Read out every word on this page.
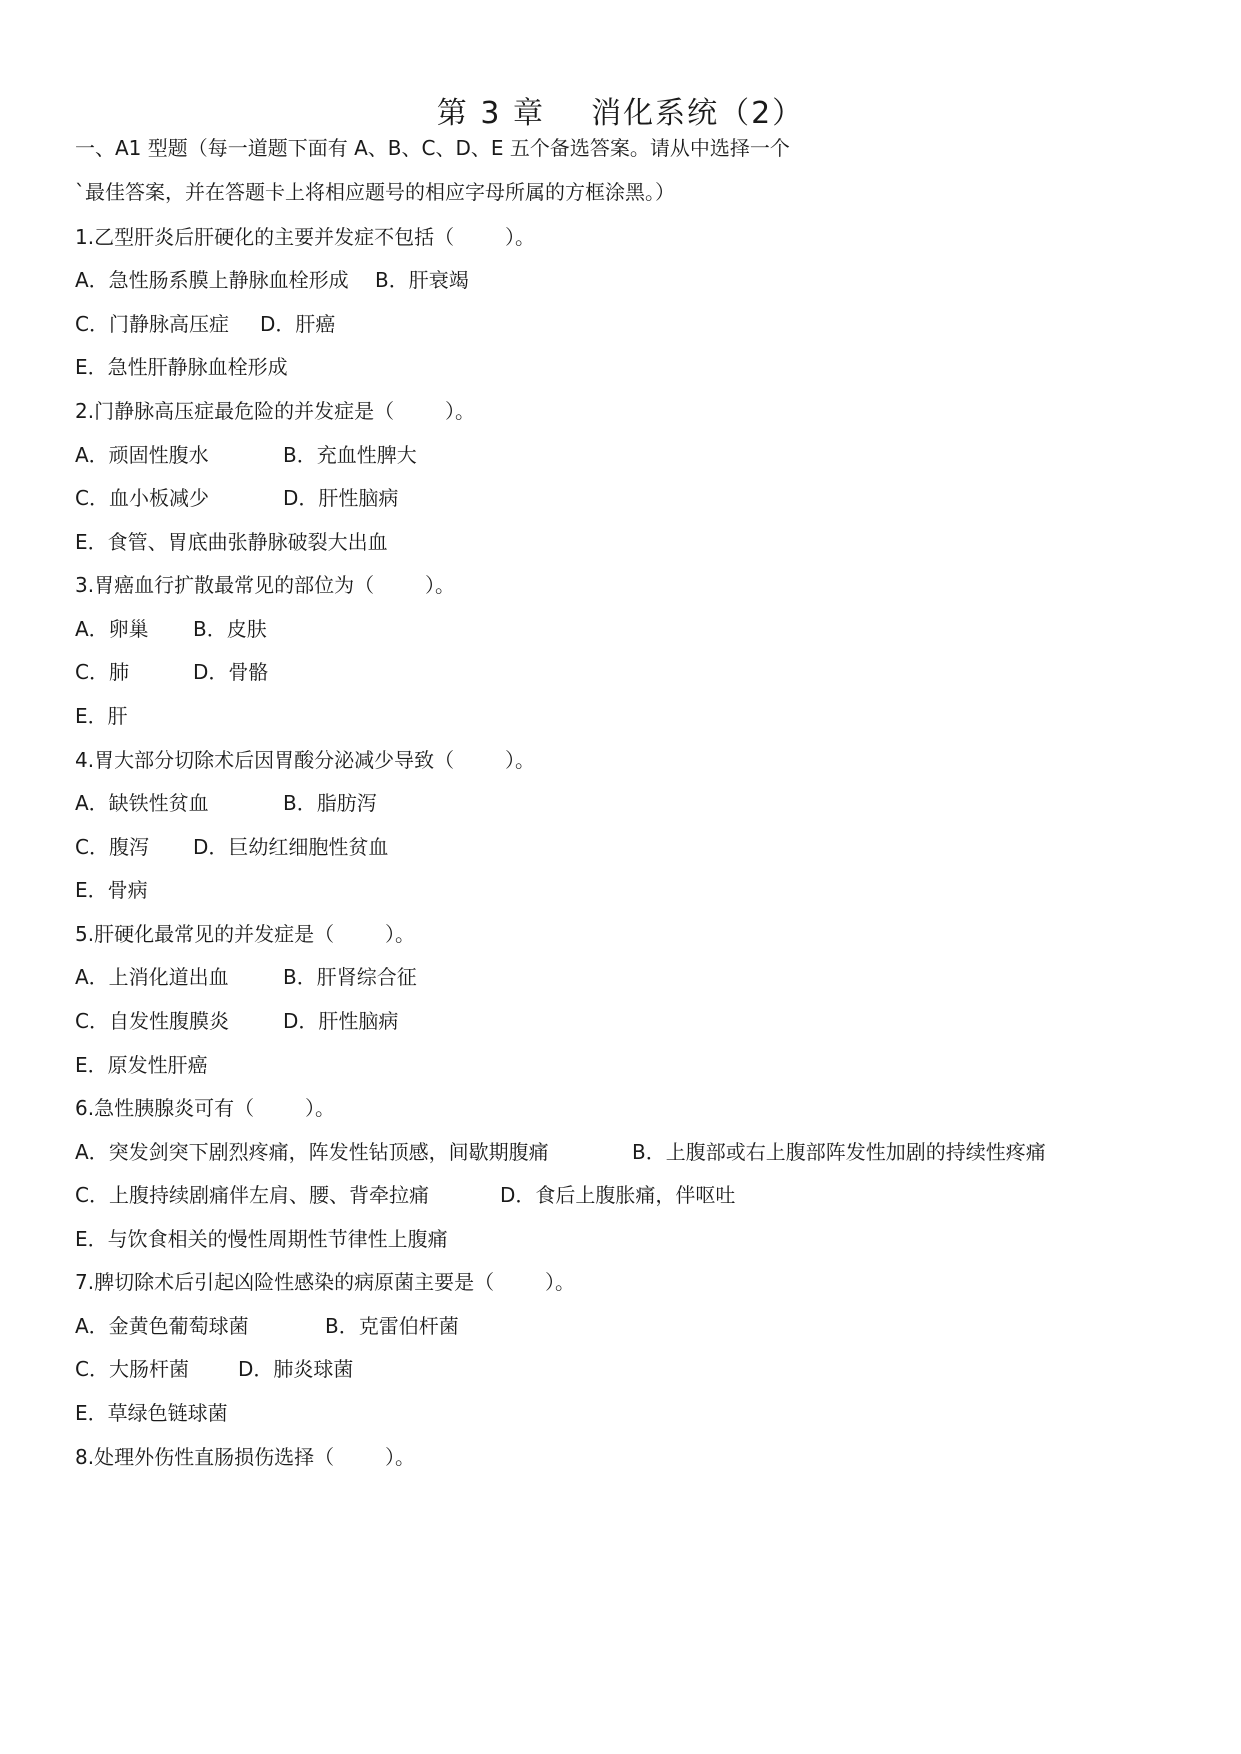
第 3 章    消化系统（2）
一、A1 型题（每一道题下面有 A、B、C、D、E 五个备选答案。请从中选择一个
`最佳答案，并在答题卡上将相应题号的相应字母所属的方框涂黑。）
1.乙型肝炎后肝硬化的主要并发症不包括（        ）。
A．急性肠系膜上静脉血栓形成 B．肝衰竭
C．门静脉高压症 D．肝癌
E．急性肝静脉血栓形成
2.门静脉高压症最危险的并发症是（        ）。
A．顽固性腹水	B．充血性脾大
C．血小板减少	D．肝性脑病
E．食管、胃底曲张静脉破裂大出血
3.胃癌血行扩散最常见的部位为（        ）。
A．卵巢 B．皮肤
C．肺	D．骨骼
E．肝
4.胃大部分切除术后因胃酸分泌减少导致（        ）。
A．缺铁性贫血	B．脂肪泻
C．腹泻 D．巨幼红细胞性贫血
E．骨病
5.肝硬化最常见的并发症是（        ）。
A．上消化道出血	B．肝肾综合征
C．自发性腹膜炎	D．肝性脑病
E．原发性肝癌
6.急性胰腺炎可有（        ）。
A．突发剑突下剧烈疼痛，阵发性钻顶感，间歇期腹痛	B．上腹部或右上腹部阵发性加剧的持续性疼痛
C．上腹持续剧痛伴左肩、腰、背牵拉痛	D．食后上腹胀痛，伴呕吐
E．与饮食相关的慢性周期性节律性上腹痛
7.脾切除术后引起凶险性感染的病原菌主要是（        ）。
A．金黄色葡萄球菌	B．克雷伯杆菌
C．大肠杆菌 D．肺炎球菌
E．草绿色链球菌
8.处理外伤性直肠损伤选择（        ）。
